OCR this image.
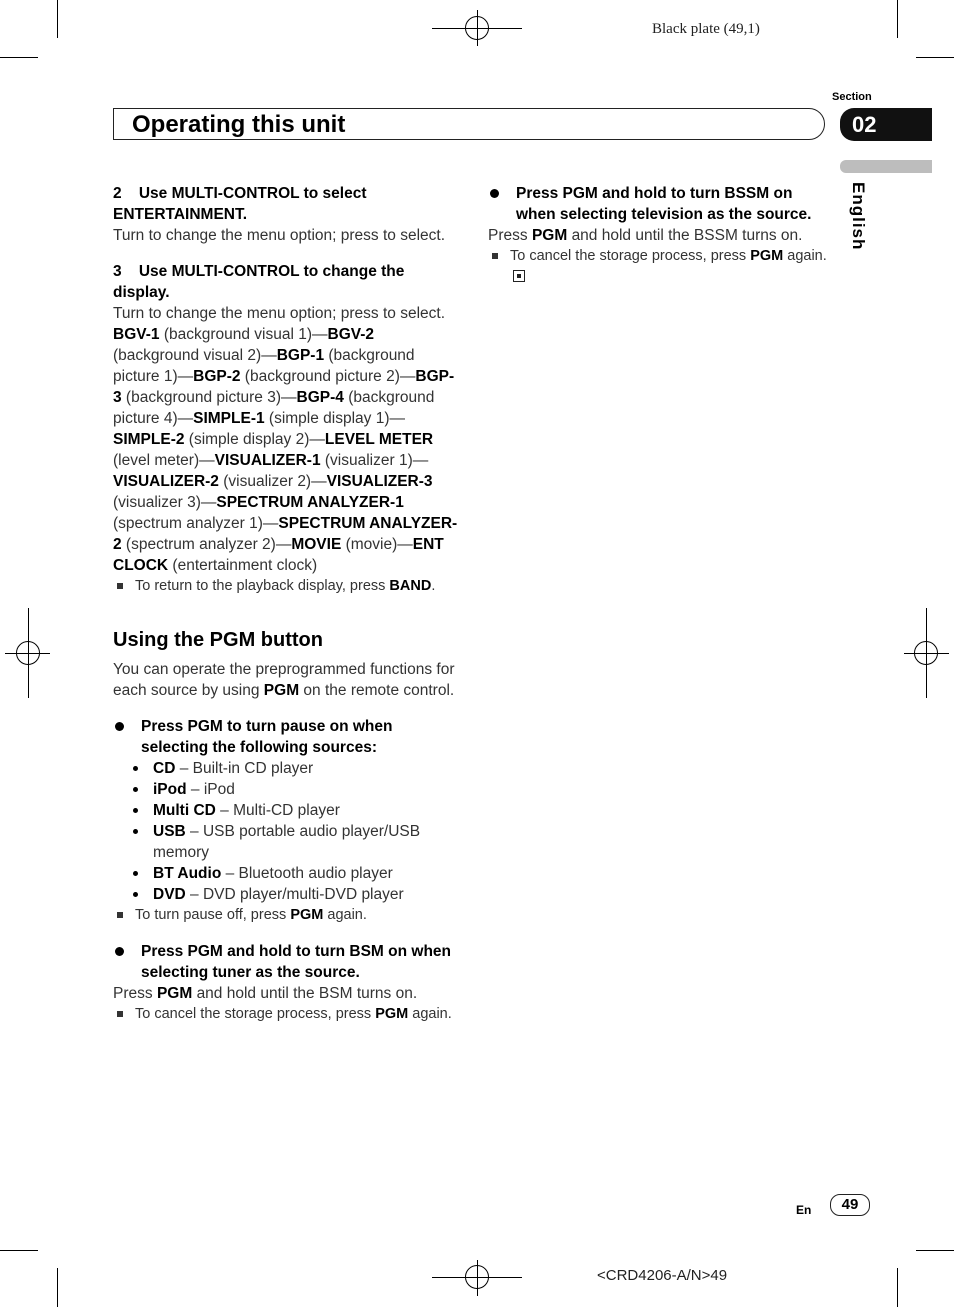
Black plate (49,1)
Section
02
English
Operating this unit

2 Use MULTI-CONTROL to select ENTERTAINMENT.

Turn to change the menu option; press to select.

3 Use MULTI-CONTROL to change the display.

Turn to change the menu option; press to select.

BGV-1 (background visual 1)—BGV-2 (background visual 2)—BGP-1 (background picture 1)—BGP-2 (background picture 2)—BGP-3 (background picture 3)—BGP-4 (background picture 4)—SIMPLE-1 (simple display 1)—SIMPLE-2 (simple display 2)—LEVEL METER (level meter)—VISUALIZER-1 (visualizer 1)—VISUALIZER-2 (visualizer 2)—VISUALIZER-3 (visualizer 3)—SPECTRUM ANALYZER-1 (spectrum analyzer 1)—SPECTRUM ANALYZER-2 (spectrum analyzer 2)—MOVIE (movie)—ENT CLOCK (entertainment clock)

To return to the playback display, press BAND.

Using the PGM button

You can operate the preprogrammed functions for each source by using PGM on the remote control.

Press PGM to turn pause on when selecting the following sources:

CD – Built-in CD player

iPod – iPod

Multi CD – Multi-CD player

USB – USB portable audio player/USB memory

BT Audio – Bluetooth audio player

DVD – DVD player/multi-DVD player

To turn pause off, press PGM again.

Press PGM and hold to turn BSM on when selecting tuner as the source.

Press PGM and hold until the BSM turns on.

To cancel the storage process, press PGM again.

Press PGM and hold to turn BSSM on when selecting television as the source.

Press PGM and hold until the BSSM turns on.

To cancel the storage process, press PGM again.

En	49
<CRD4206-A/N>49
